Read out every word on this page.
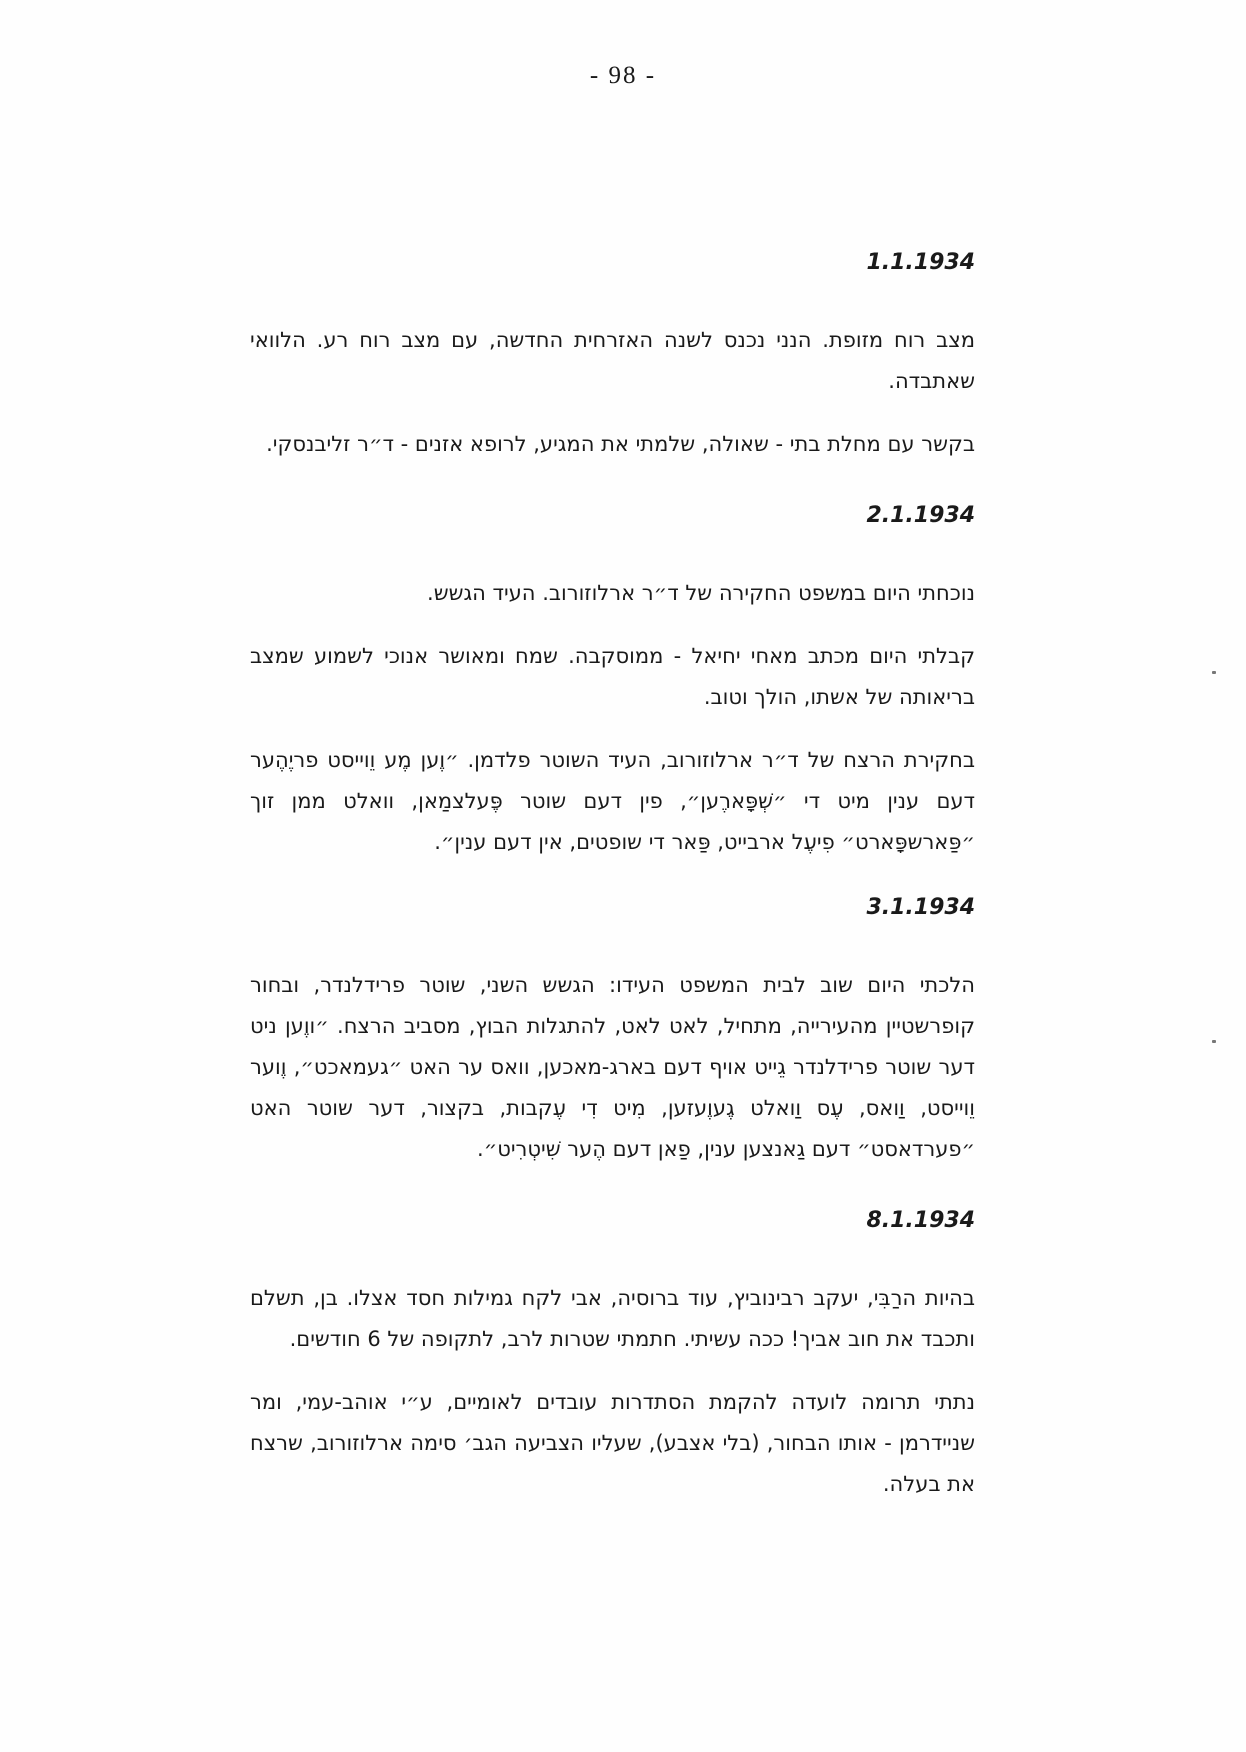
- 98 -
1.1.1934

מצב רוח מזופת. הנני נכנס לשנה האזרחית החדשה, עם מצב רוח רע. הלוואי שאתבדה.

בקשר עם מחלת בתי - שאולה, שלמתי את המגיע, לרופא אזנים - ד״ר זליבנסקי.

2.1.1934

נוכחתי היום במשפט החקירה של ד״ר ארלוזורוב. העיד הגשש.

קבלתי היום מכתב מאחי יחיאל - ממוסקבה. שמח ומאושר אנוכי לשמוע שמצב בריאותה של אשתו, הולך וטוב.

בחקירת הרצח של ד״ר ארלוזורוב, העיד השוטר פלדמן. ״וֶען מֶע וֵוייסט פריֶהֶער דעם ענין מיט די ״שְׁפָּארֶען״, פין דעם שוטר פֶּעלצמַאן, וואלט ממן זוך ״פַּארשפָּארט״ פִיעֶל ארבייט, פַּאר די שופטים, אין דעם ענין״.

3.1.1934

הלכתי היום שוב לבית המשפט העידו: הגשש השני, שוטר פרידלנדר, ובחור קופרשטיין מהעירייה, מתחיל, לאט לאט, להתגלות הבוץ, מסביב הרצח. ״ווֶען ניט דער שוטר פרידלנדר גֵייט אויף דעם בארג-מאכען, וואס ער האט ״געמאכט״, וֶוער וֵוייסט, וַואס, עֶס וַואלט גֶעוֶעזען, מִיט דִי עֶקבות, בקצור, דער שוטר האט ״פערדאסט״ דעם גַאנצען ענין, פַאן דעם הֶער שִׁיטְרִיט״.

8.1.1934

בהיות הרַבִּי, יעקב רבינוביץ, עוד ברוסיה, אבי לקח גמילות חסד אצלו. בן, תשלם ותכבד את חוב אביך! ככה עשיתי. חתמתי שטרות לרב, לתקופה של 6 חודשים.

נתתי תרומה לועדה להקמת הסתדרות עובדים לאומיים, ע״י אוהב-עמי, ומר שניידרמן - אותו הבחור, (בלי אצבע), שעליו הצביעה הגב׳ סימה ארלוזורוב, שרצח את בעלה.
